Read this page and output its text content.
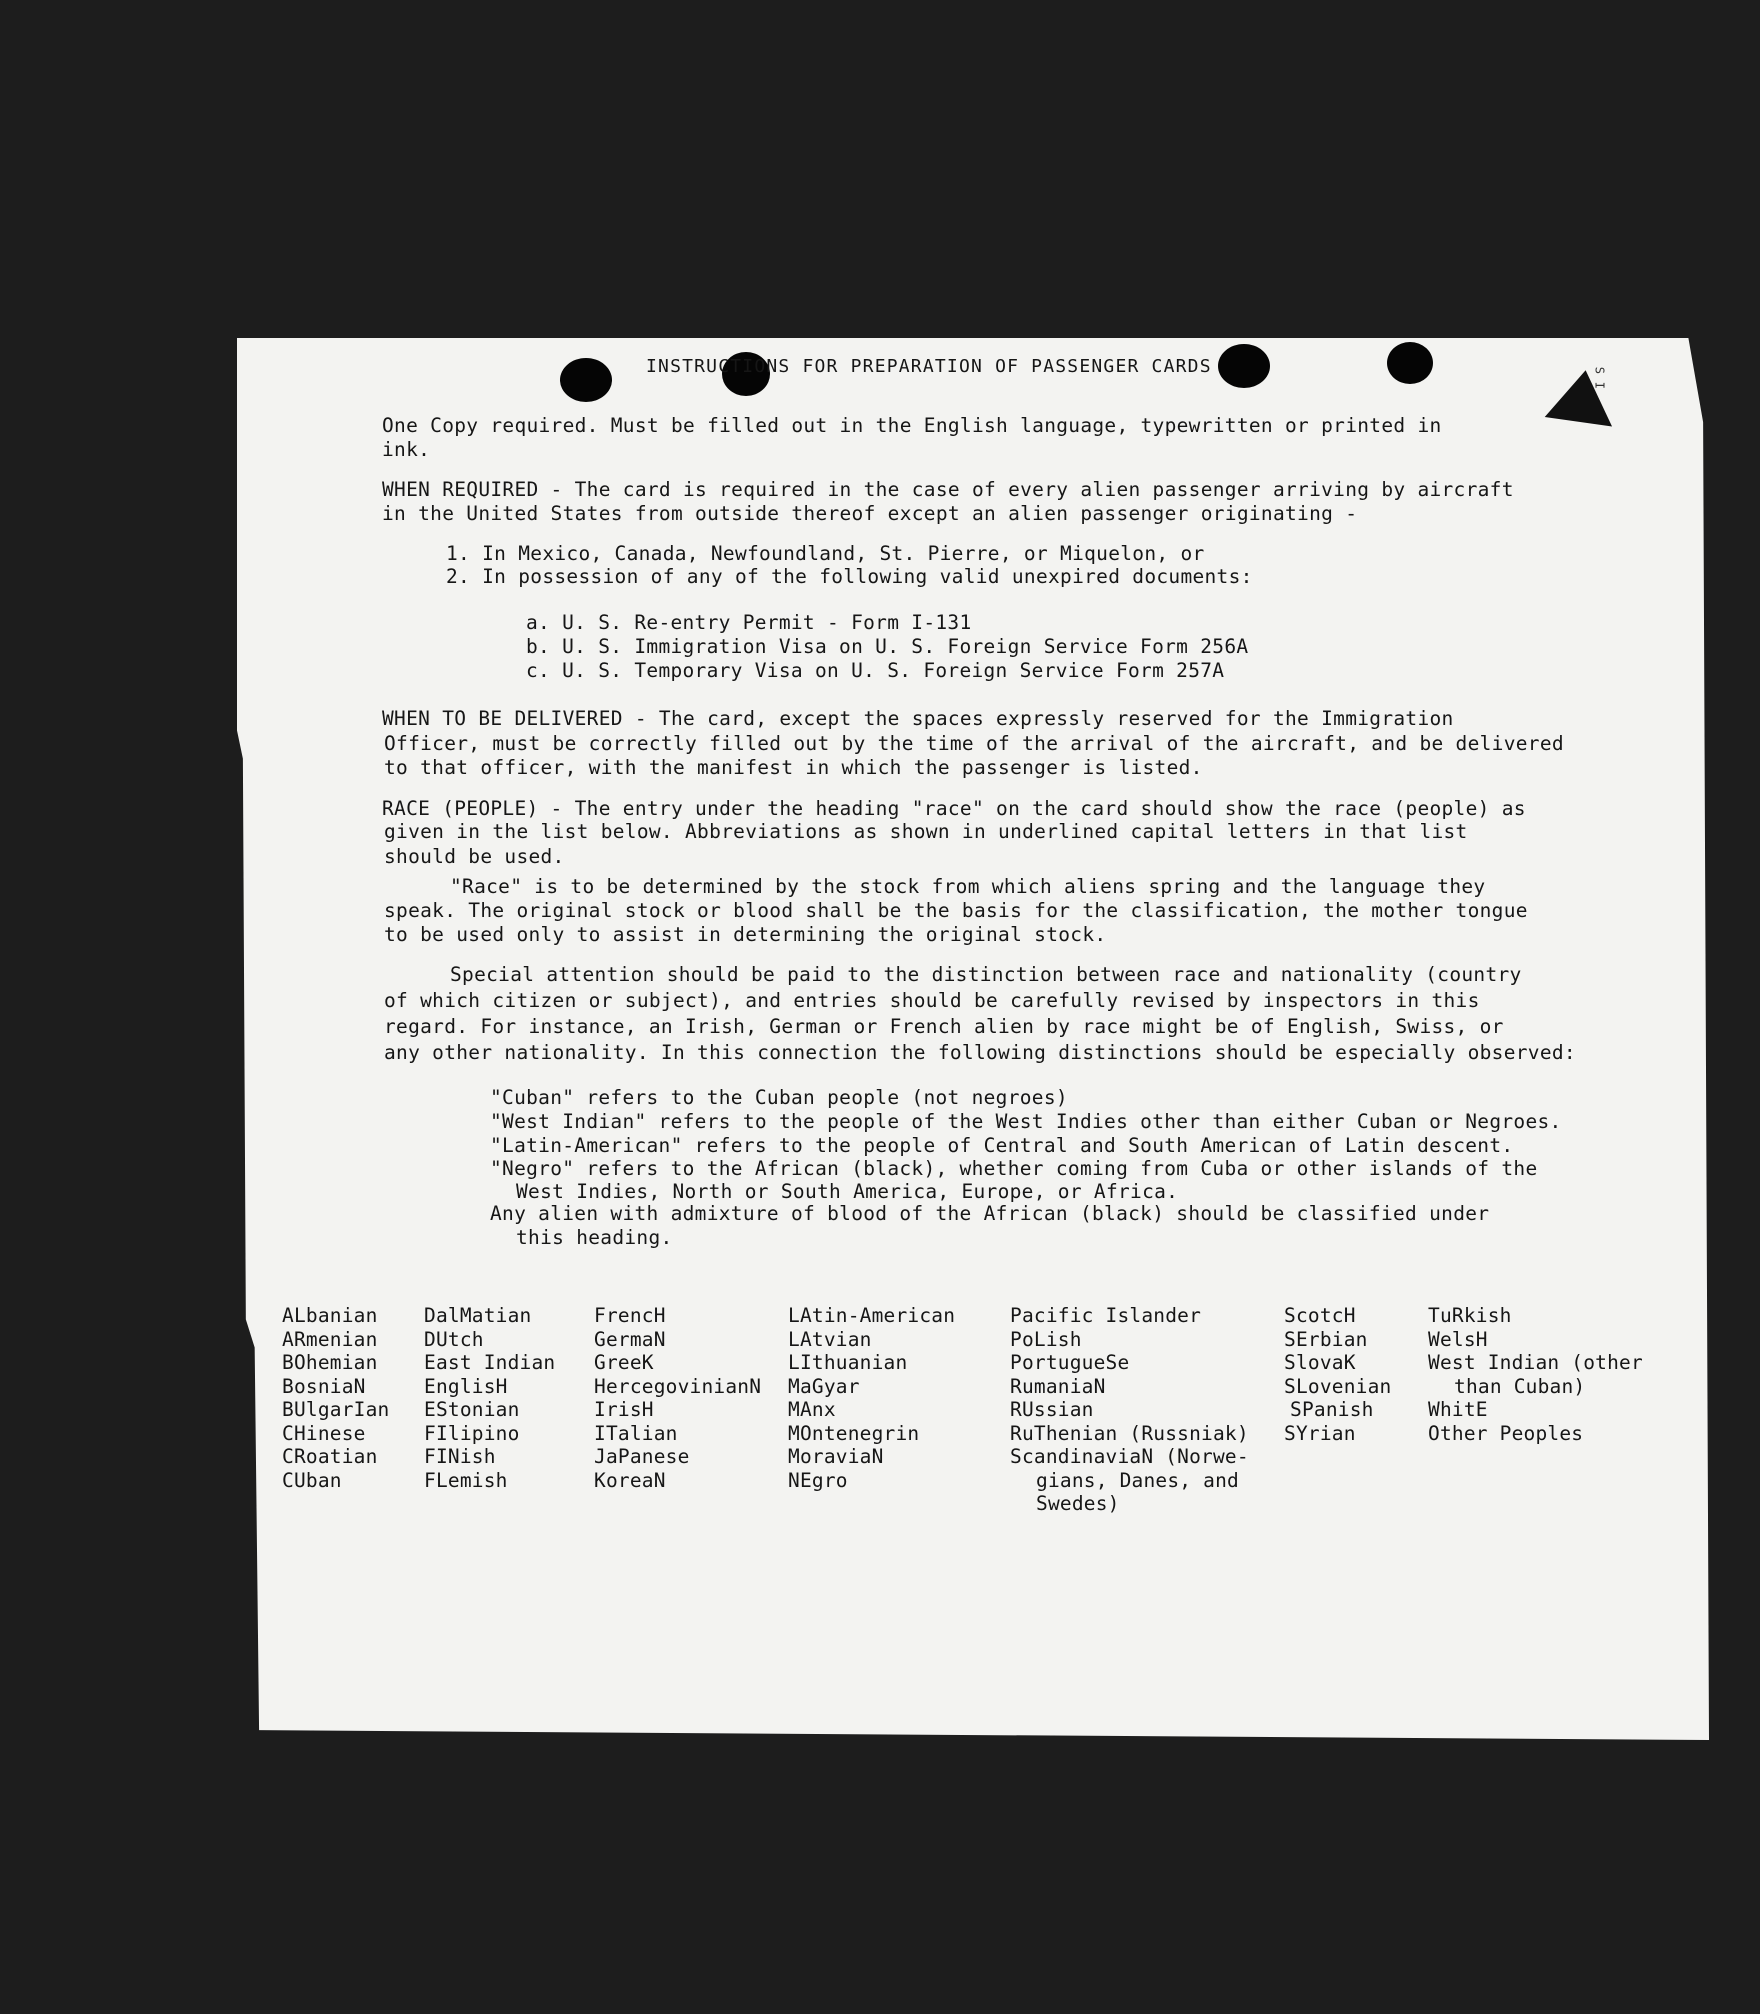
S I
INSTRUCTIONS FOR PREPARATION OF PASSENGER CARDS
One Copy required. Must be filled out in the English language, typewritten or printed in
ink.
WHEN REQUIRED - The card is required in the case of every alien passenger arriving by aircraft
in the United States from outside thereof except an alien passenger originating -
1. In Mexico, Canada, Newfoundland, St. Pierre, or Miquelon, or
2. In possession of any of the following valid unexpired documents:
a. U. S. Re-entry Permit - Form I-131
b. U. S. Immigration Visa on U. S. Foreign Service Form 256A
c. U. S. Temporary Visa on U. S. Foreign Service Form 257A
WHEN TO BE DELIVERED - The card, except the spaces expressly reserved for the Immigration
Officer, must be correctly filled out by the time of the arrival of the aircraft, and be delivered
to that officer, with the manifest in which the passenger is listed.
RACE (PEOPLE) - The entry under the heading "race" on the card should show the race (people) as
given in the list below. Abbreviations as shown in underlined capital letters in that list
should be used.
"Race" is to be determined by the stock from which aliens spring and the language they
speak. The original stock or blood shall be the basis for the classification, the mother tongue
to be used only to assist in determining the original stock.
Special attention should be paid to the distinction between race and nationality (country
of which citizen or subject), and entries should be carefully revised by inspectors in this
regard. For instance, an Irish, German or French alien by race might be of English, Swiss, or
any other nationality. In this connection the following distinctions should be especially observed:
"Cuban" refers to the Cuban people (not negroes)
"West Indian" refers to the people of the West Indies other than either Cuban or Negroes.
"Latin-American" refers to the people of Central and South American of Latin descent.
"Negro" refers to the African (black), whether coming from Cuba or other islands of the
West Indies, North or South America, Europe, or Africa.
Any alien with admixture of blood of the African (black) should be classified under
this heading.
ALbanian
ARmenian
BOhemian
BosniaN
BUlgarIan
CHinese
CRoatian
CUban
DalMatian
DUtch
East Indian
EnglisH
EStonian
FIlipino
FINish
FLemish
FrencH
GermaN
GreeK
HercegovinianN
IrisH
ITalian
JaPanese
KoreaN
LAtin-American
LAtvian
LIthuanian
MaGyar
MAnx
MOntenegrin
MoraviaN
NEgro
Pacific Islander
PoLish
PortugueSe
RumaniaN
RUssian
RuThenian (Russniak)
ScandinaviaN (Norwe-
gians, Danes, and
Swedes)
ScotcH
SErbian
SlovaK
SLovenian
SPanish
SYrian
TuRkish
WelsH
West Indian (other
than Cuban)
WhitE
Other Peoples
